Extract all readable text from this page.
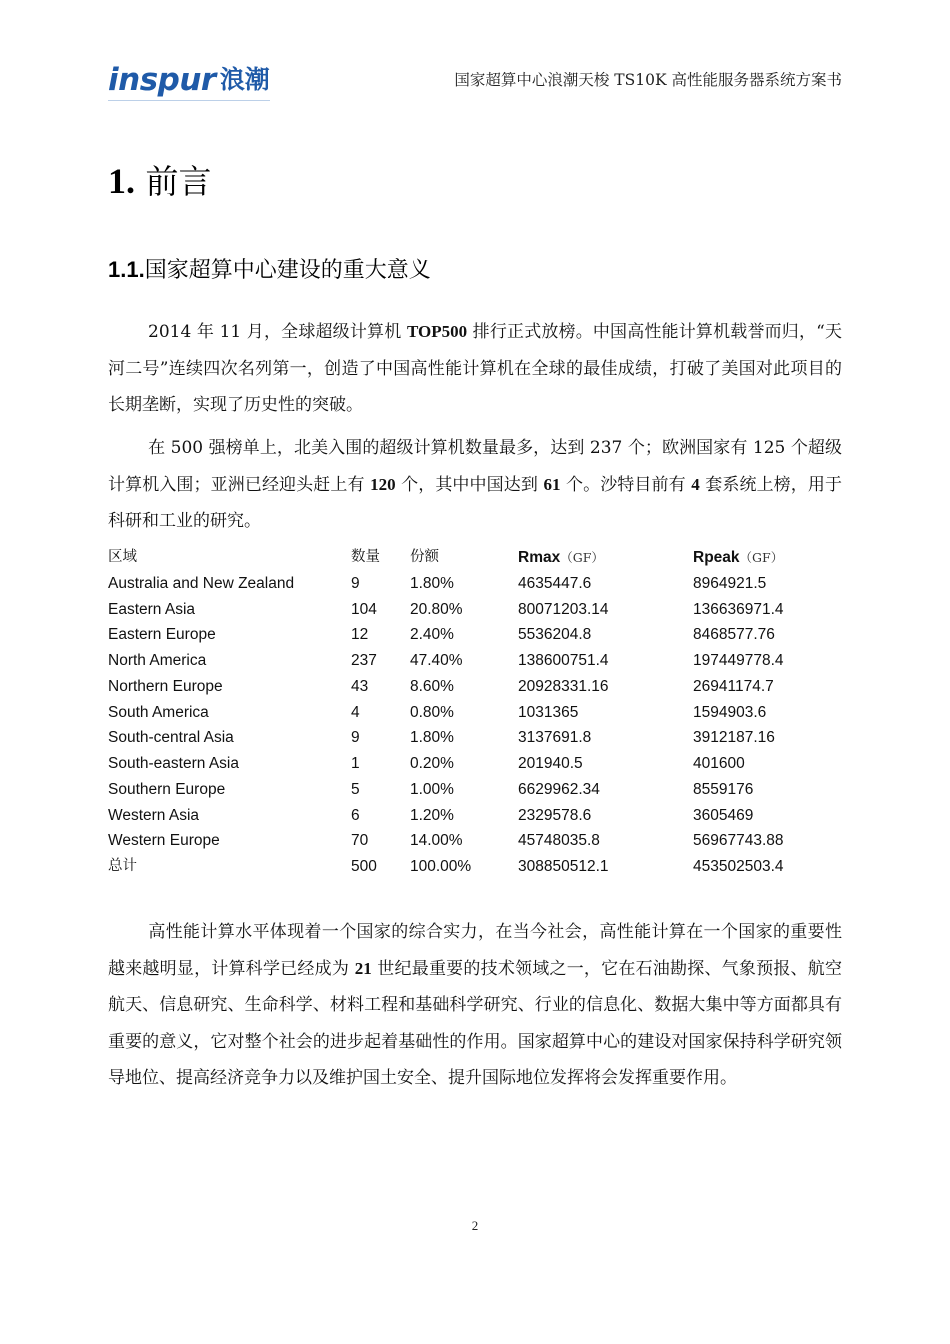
inspur 浪潮	国家超算中心浪潮天梭 TS10K 高性能服务器系统方案书
1. 前言
1.1.国家超算中心建设的重大意义
2014 年 11 月，全球超级计算机 TOP500 排行正式放榜。中国高性能计算机载誉而归，“天河二号”连续四次名列第一，创造了中国高性能计算机在全球的最佳成绩，打破了美国对此项目的长期垄断，实现了历史性的突破。
在 500 强榜单上，北美入围的超级计算机数量最多，达到 237 个；欧洲国家有 125 个超级计算机入围；亚洲已经迎头赶上有 120 个，其中中国达到 61 个。沙特目前有 4 套系统上榜，用于科研和工业的研究。
区域	数量 份额	Rmax（GF）	Rpeak（GF）
Australia and New Zealand	9	1.80%	4635447.6	8964921.5
Eastern Asia	104 20.80%	80071203.14	136636971.4
Eastern Europe	12	2.40%	5536204.8	8468577.76
North America	237 47.40%	138600751.4	197449778.4
Northern Europe	43	8.60%	20928331.16	26941174.7
South America	4	0.80%	1031365	1594903.6
South-central Asia	9	1.80%	3137691.8	3912187.16
South-eastern Asia	1	0.20%	201940.5	401600
Southern Europe	5	1.00%	6629962.34	8559176
Western Asia	6	1.20%	2329578.6	3605469
Western Europe	70	14.00%	45748035.8	56967743.88
总计	500 100.00%	308850512.1	453502503.4
高性能计算水平体现着一个国家的综合实力，在当今社会，高性能计算在一个国家的重要性越来越明显，计算科学已经成为 21 世纪最重要的技术领域之一，它在石油勘探、气象预报、航空航天、信息研究、生命科学、材料工程和基础科学研究、行业的信息化、数据大集中等方面都具有重要的意义，它对整个社会的进步起着基础性的作用。国家超算中心的建设对国家保持科学研究领导地位、提高经济竞争力以及维护国土安全、提升国际地位发挥将会发挥重要作用。
2
